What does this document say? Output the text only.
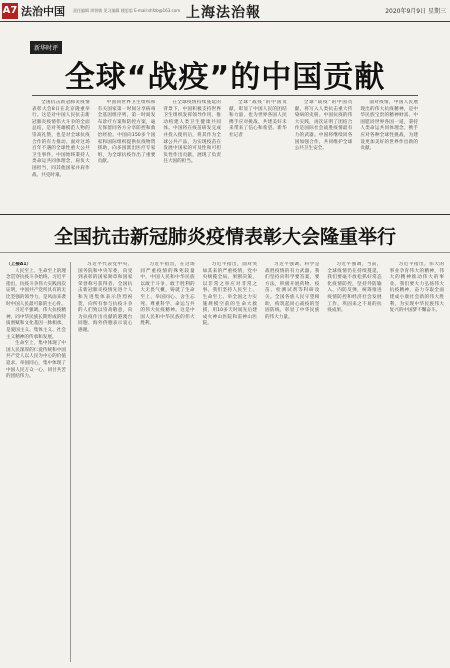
A7 法治中国 责任编辑 周智敏 见习编辑 楼思思 E-mail:shfzb@163.com 上海法治報	2020年9月9日 星期三
新华时评
全球“战疫”的中国贡献

全国抗击新冠肺炎疫情表彰大会8日在北京隆重举行。这是对中国人民抗击新冠肺炎疫情伟大斗争的全面总结，是对英雄模范人物的崇高礼赞，也是对全球抗疫合作的有力推动。面对这场百年不遇的全球性重大公共卫生事件，中国始终秉持人类命运共同体理念，肩负大国担当，同其他国家并肩作战、共克时艰。

中国同世界卫生组织和有关国家第一时间分享病毒全基因组序列，第一时间发布诊疗方案和防控方案，毫无保留同各方分享防控和救治经验。中国向150多个国家和国际组织提供抗疫物资援助，向多国派出医疗专家组，为全球抗疫作出了重要贡献。

在全球疫情持续蔓延的背景下，中国积极支持世界卫生组织发挥领导作用，推动构建人类卫生健康共同体。中国将在疫苗研发完成并投入使用后，将其作为全球公共产品，为实现疫苗在发展中国家的可及性和可担负性作出贡献，展现了负责任大国的担当。

全球“战疫”的中国贡献，彰显了中国人民的团结和力量，也为世界各国人民携手应对挑战、共建美好未来带来了信心和希望。新华社记者

全球“战疫”的中国贡献，将写入人类抗击重大传染病的史册。中国抗疫的伟大实践，再次证明了团结合作是国际社会战胜疫情最有力的武器。中国将继续同各国加强合作，共同维护全球公共卫生安全。

面对疫情，中国人民展现出的伟大抗疫精神，是中华民族宝贵的精神财富。中国愿同世界各国一道，秉持人类命运共同体理念，携手应对各种全球性挑战，为建设更加美好的世界作出新的贡献。

全国抗击新冠肺炎疫情表彰大会隆重举行

（上接A1）

人民至上、生命至上的理念贯穿抗疫斗争始终。习近平指出，抗疫斗争伟大实践再次证明，中国共产党所具有的无比坚强的领导力，是风雨来袭时中国人民最可靠的主心骨。

习近平强调，伟大抗疫精神，同中华民族长期形成的特质禀赋和文化基因一脉相承，是爱国主义、集体主义、社会主义精神的传承和发展。

生命至上，集中体现了中国人民深厚的仁爱传统和中国共产党人以人民为中心的价值追求。举国同心，集中体现了中国人民万众一心、同甘共苦的团结伟力。

习近平代表党中央、国务院和中央军委，向受到表彰的国家勋章和国家荣誉称号获得者、全国抗击新冠肺炎疫情先进个人和先进集体表示热烈祝贺，向所有参与抗疫斗争的人们致以崇高敬意，向为抗疫作出贡献的港澳台同胞、海外侨胞表示衷心感谢。

习近平指出，在这场同严重疫情的殊死较量中，中国人民和中华民族以敢于斗争、敢于胜利的大无畏气概，铸就了生命至上、举国同心、舍生忘死、尊重科学、命运与共的伟大抗疫精神。这是中国人民和中华民族的伟大胜利。

习近平指出，面对突如其来的严重疫情，党中央统揽全局、果断决策，以非常之举应对非常之事。我们坚持人民至上、生命至上，举全国之力实施规模空前的生命大救援，用10多天时间先后建成火神山医院和雷神山医院。

习近平强调，科学是战胜疫情的有力武器。我们坚持向科学要答案、要方法，积极开展药物、疫苗、检测试剂等科研攻关。全国各族人民守望相助，构筑起同心战疫的坚固防线，彰显了中华民族的伟大力量。

习近平强调，当前，全球疫情仍在持续蔓延，我们要毫不放松抓好常态化疫情防控，坚持外防输入、内防反弹，统筹推进疫情防控和经济社会发展工作，巩固来之不易的抗疫成果。

习近平指出，伟大的事业孕育伟大的精神，伟大的精神推动伟大的事业。我们要大力弘扬伟大抗疫精神，奋力夺取全面建成小康社会新的伟大胜利，为实现中华民族伟大复兴的中国梦不懈奋斗。
